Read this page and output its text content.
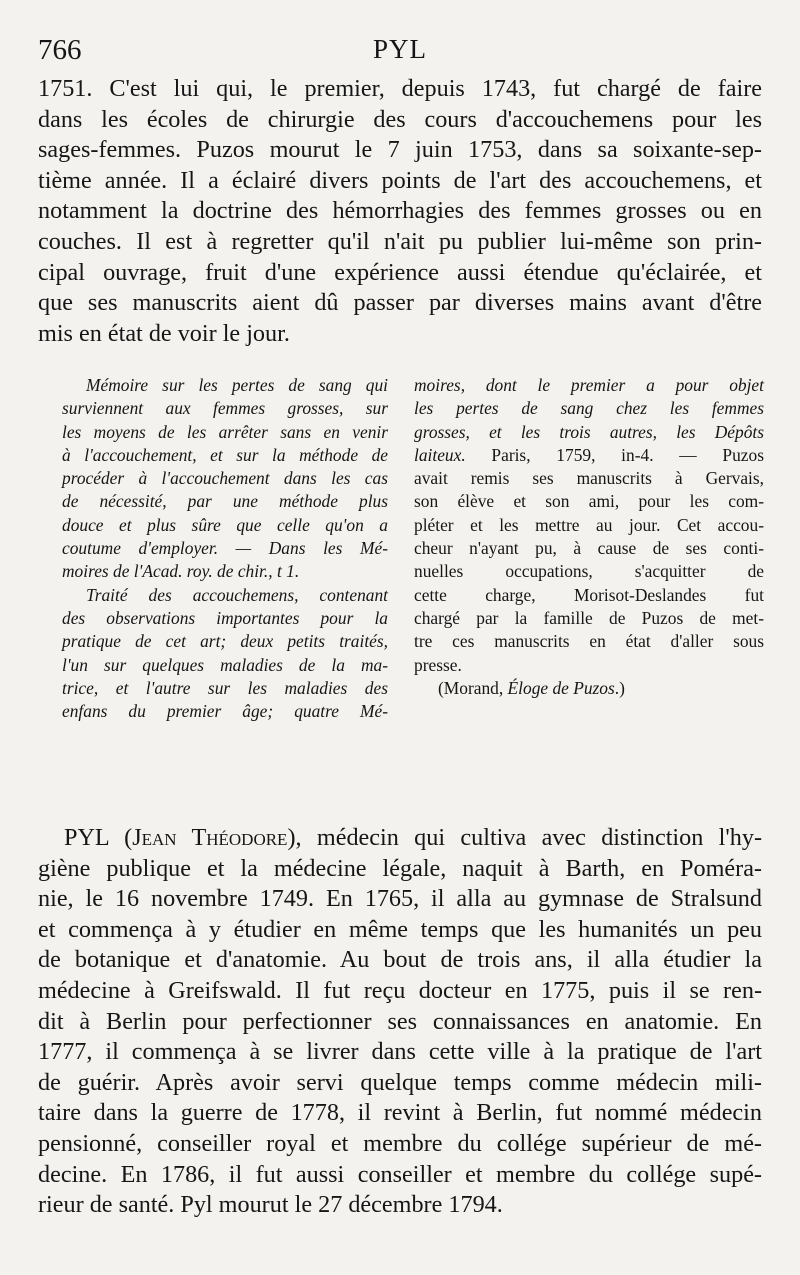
766	PYL
1751. C'est lui qui, le premier, depuis 1743, fut chargé de faire
dans les écoles de chirurgie des cours d'accouchemens pour les
sages-femmes. Puzos mourut le 7 juin 1753, dans sa soixante-sep-
tième année. Il a éclairé divers points de l'art des accouchemens, et
notamment la doctrine des hémorrhagies des femmes grosses ou en
couches. Il est à regretter qu'il n'ait pu publier lui-même son prin-
cipal ouvrage, fruit d'une expérience aussi étendue qu'éclairée, et
que ses manuscrits aient dû passer par diverses mains avant d'être
mis en état de voir le jour.
Mémoire sur les pertes de sang qui
surviennent aux femmes grosses, sur
les moyens de les arrêter sans en venir
à l'accouchement, et sur la méthode de
procéder à l'accouchement dans les cas
de nécessité, par une méthode plus
douce et plus sûre que celle qu'on a
coutume d'employer. — Dans les Mé-
moires de l'Acad. roy. de chir., t 1.
Traité des accouchemens, contenant
des observations importantes pour la
pratique de cet art; deux petits traités,
l'un sur quelques maladies de la ma-
trice, et l'autre sur les maladies des
enfans du premier âge; quatre Mé-
moires, dont le premier a pour objet
les pertes de sang chez les femmes
grosses, et les trois autres, les Dépôts
laiteux. Paris, 1759, in-4. — Puzos
avait remis ses manuscrits à Gervais,
son élève et son ami, pour les com-
pléter et les mettre au jour. Cet accou-
cheur n'ayant pu, à cause de ses conti-
nuelles occupations, s'acquitter de
cette charge, Morisot-Deslandes fut
chargé par la famille de Puzos de met-
tre ces manuscrits en état d'aller sous
presse.
(Morand, Éloge de Puzos.)
PYL (Jean Théodore), médecin qui cultiva avec distinction l'hy-
giène publique et la médecine légale, naquit à Barth, en Poméra-
nie, le 16 novembre 1749. En 1765, il alla au gymnase de Stralsund
et commença à y étudier en même temps que les humanités un peu
de botanique et d'anatomie. Au bout de trois ans, il alla étudier la
médecine à Greifswald. Il fut reçu docteur en 1775, puis il se ren-
dit à Berlin pour perfectionner ses connaissances en anatomie. En
1777, il commença à se livrer dans cette ville à la pratique de l'art
de guérir. Après avoir servi quelque temps comme médecin mili-
taire dans la guerre de 1778, il revint à Berlin, fut nommé médecin
pensionné, conseiller royal et membre du collége supérieur de mé-
decine. En 1786, il fut aussi conseiller et membre du collége supé-
rieur de santé. Pyl mourut le 27 décembre 1794.
